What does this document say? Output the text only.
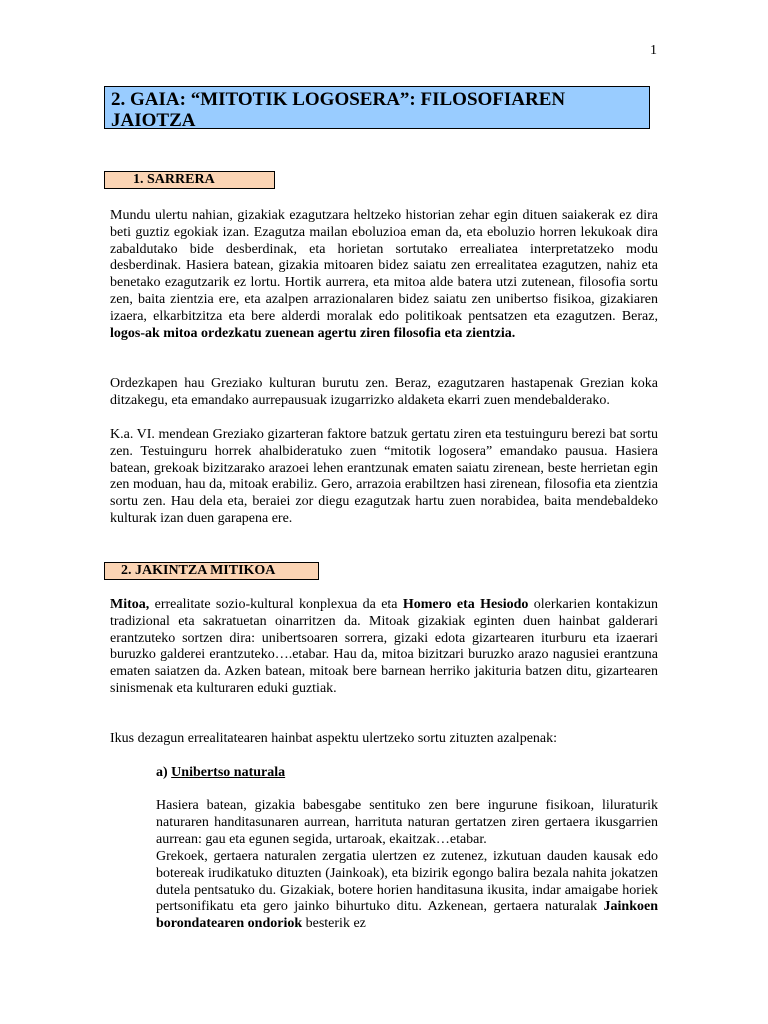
1
2. GAIA: “MITOTIK LOGOSERA”: FILOSOFIAREN JAIOTZA
1. SARRERA

Mundu ulertu nahian, gizakiak ezagutzara heltzeko historian zehar egin dituen saiakerak ez dira beti guztiz egokiak izan. Ezagutza mailan eboluzioa eman da, eta eboluzio horren lekukoak dira zabaldutako bide desberdinak, eta horietan sortutako errealiatea interpretatzeko modu desberdinak. Hasiera batean, gizakia mitoaren bidez saiatu zen errealitatea ezagutzen, nahiz eta benetako ezagutzarik ez lortu. Hortik aurrera, eta mitoa alde batera utzi zutenean, filosofia sortu zen, baita zientzia ere, eta azalpen arrazionalaren bidez saiatu zen unibertso fisikoa, gizakiaren izaera, elkarbitzitza eta bere alderdi moralak edo politikoak pentsatzen eta ezagutzen. Beraz, logos-ak mitoa ordezkatu zuenean agertu ziren filosofia eta zientzia.

Ordezkapen hau Greziako kulturan burutu zen. Beraz, ezagutzaren hastapenak Grezian koka ditzakegu, eta emandako aurrepausuak izugarrizko aldaketa ekarri zuen mendebalderako.

K.a. VI. mendean Greziako gizarteran faktore batzuk gertatu ziren eta testuinguru berezi bat sortu zen. Testuinguru horrek ahalbideratuko zuen “mitotik logosera” emandako pausua. Hasiera batean, grekoak bizitzarako arazoei lehen erantzunak ematen saiatu zirenean, beste herrietan egin zen moduan, hau da, mitoak erabiliz. Gero, arrazoia erabiltzen hasi zirenean, filosofia eta zientzia sortu zen. Hau dela eta, beraiei zor diegu ezagutzak hartu zuen norabidea, baita mendebaldeko kulturak izan duen garapena ere.

2. JAKINTZA MITIKOA

Mitoa, errealitate sozio-kultural konplexua da eta Homero eta Hesiodo olerkarien kontakizun tradizional eta sakratuetan oinarritzen da. Mitoak gizakiak eginten duen hainbat galderari erantzuteko sortzen dira: unibertsoaren sorrera, gizaki edota gizartearen iturburu eta izaerari buruzko galderei erantzuteko….etabar. Hau da, mitoa bizitzari buruzko arazo nagusiei erantzuna ematen saiatzen da. Azken batean, mitoak bere barnean herriko jakituria batzen ditu, gizartearen sinismenak eta kulturaren eduki guztiak.

Ikus dezagun errealitatearen hainbat aspektu ulertzeko sortu zituzten azalpenak:

a) Unibertso naturala

Hasiera batean, gizakia babesgabe sentituko zen bere ingurune fisikoan, liluraturik naturaren handitasunaren aurrean, harrituta naturan gertatzen ziren gertaera ikusgarrien aurrean: gau eta egunen segida, urtaroak, ekaitzak…etabar.

Grekoek, gertaera naturalen zergatia ulertzen ez zutenez, izkutuan dauden kausak edo botereak irudikatuko dituzten (Jainkoak), eta bizirik egongo balira bezala nahita jokatzen dutela pentsatuko du. Gizakiak, botere horien handitasuna ikusita, indar amaigabe horiek pertsonifikatu eta gero jainko bihurtuko ditu. Azkenean, gertaera naturalak Jainkoen borondatearen ondoriok besterik ez
